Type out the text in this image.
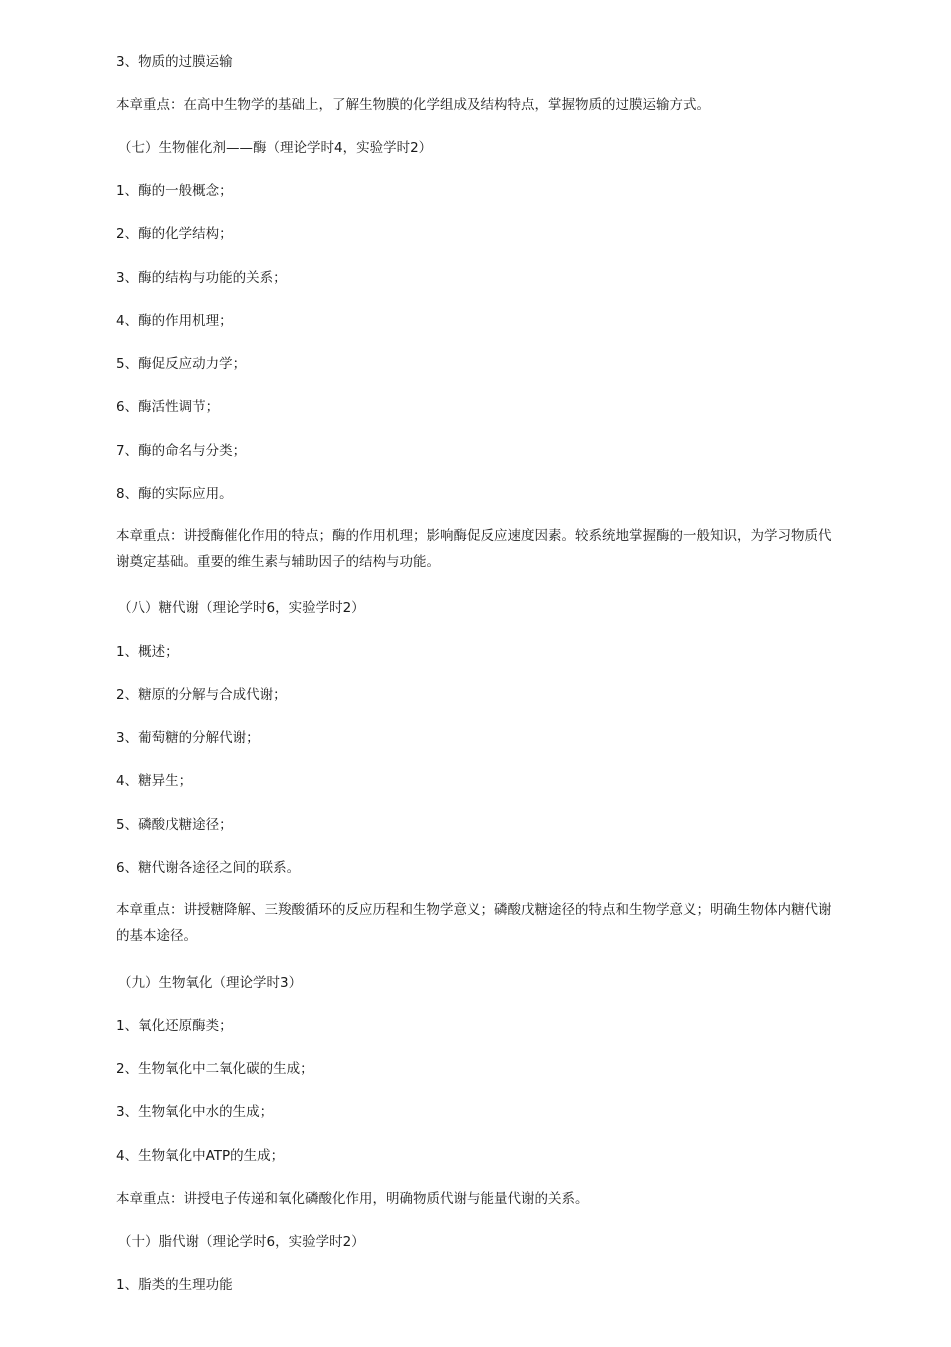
3、物质的过膜运输
本章重点：在高中生物学的基础上，了解生物膜的化学组成及结构特点，掌握物质的过膜运输方式。
（七）生物催化剂——酶（理论学时4，实验学时2）
1、酶的一般概念；
2、酶的化学结构；
3、酶的结构与功能的关系；
4、酶的作用机理；
5、酶促反应动力学；
6、酶活性调节；
7、酶的命名与分类；
8、酶的实际应用。
本章重点：讲授酶催化作用的特点；酶的作用机理；影响酶促反应速度因素。较系统地掌握酶的一般知识，为学习物质代谢奠定基础。重要的维生素与辅助因子的结构与功能。
（八）糖代谢（理论学时6，实验学时2）
1、概述；
2、糖原的分解与合成代谢；
3、葡萄糖的分解代谢；
4、糖异生；
5、磷酸戊糖途径；
6、糖代谢各途径之间的联系。
本章重点：讲授糖降解、三羧酸循环的反应历程和生物学意义；磷酸戊糖途径的特点和生物学意义；明确生物体内糖代谢的基本途径。
（九）生物氧化（理论学时3）
1、氧化还原酶类；
2、生物氧化中二氧化碳的生成；
3、生物氧化中水的生成；
4、生物氧化中ATP的生成；
本章重点：讲授电子传递和氧化磷酸化作用，明确物质代谢与能量代谢的关系。
（十）脂代谢（理论学时6，实验学时2）
1、脂类的生理功能
